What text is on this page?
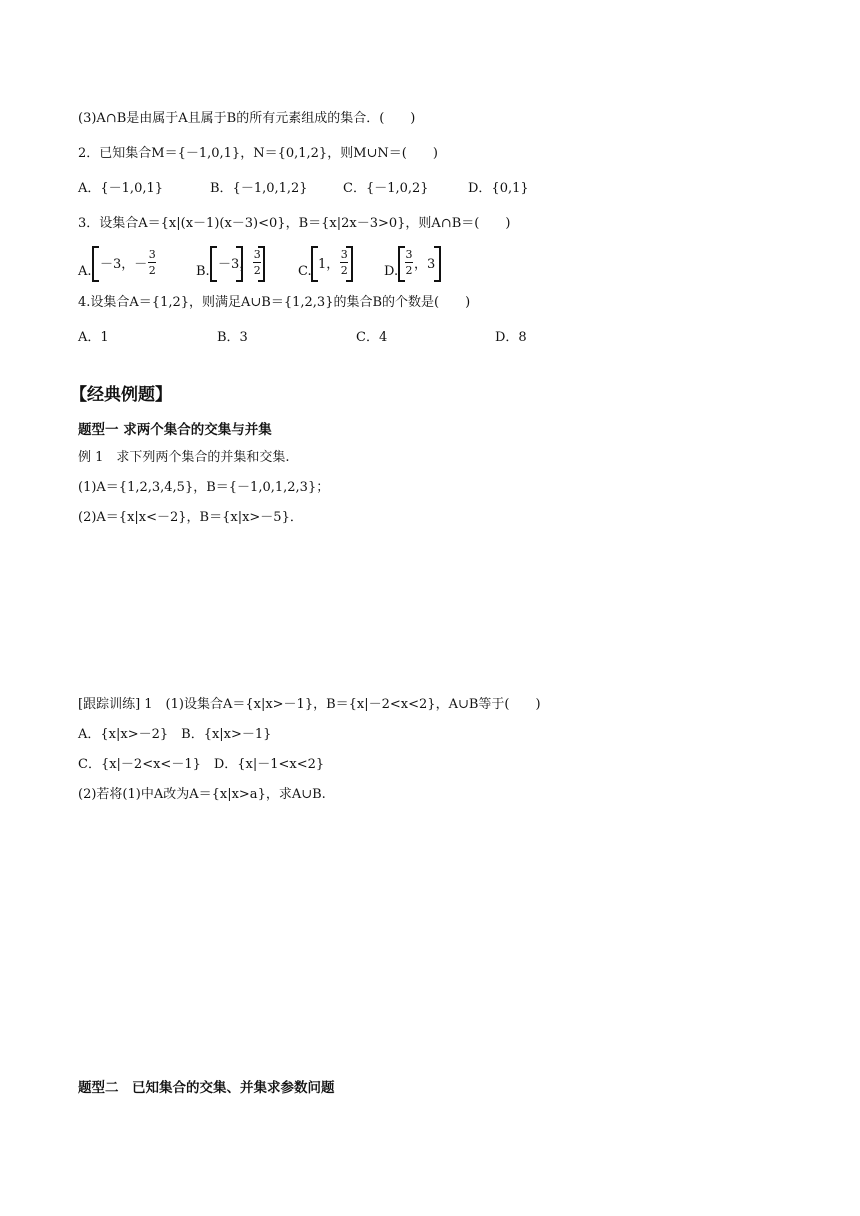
(3)A∩B是由属于A且属于B的所有元素组成的集合．(　　)
2．已知集合M＝{－1,0,1}，N＝{0,1,2}，则M∪N＝(　　)
A．{－1,0,1}	B．{－1,0,1,2}	C．{－1,0,2}	D．{0,1}
3．设集合A＝{x|(x－1)(x－3)<0}，B＝{x|2x－3>0}，则A∩B＝(　　)
A. －3，－ $\frac{3}{2}$	B. －3， $\frac{3}{2}$	C. 1， $\frac{3}{2}$	D. $\frac{3}{2}$ ，3
4.设集合A＝{1,2}，则满足A∪B＝{1,2,3}的集合B的个数是(　　)
A．1	B．3	C．4	D．8
【经典例题】
题型一 求两个集合的交集与并集
例 1　求下列两个集合的并集和交集.
(1)A＝{1,2,3,4,5}，B＝{－1,0,1,2,3}；
(2)A＝{x|x<－2}，B＝{x|x>－5}．
[跟踪训练] 1　(1)设集合A＝{x|x>－1}，B＝{x|－2<x<2}，A∪B等于(　　)
A．{x|x>－2}　B．{x|x>－1}
C．{x|－2<x<－1}　D．{x|－1<x<2}
(2)若将(1)中A改为A＝{x|x>a}，求A∪B.
题型二　已知集合的交集、并集求参数问题
